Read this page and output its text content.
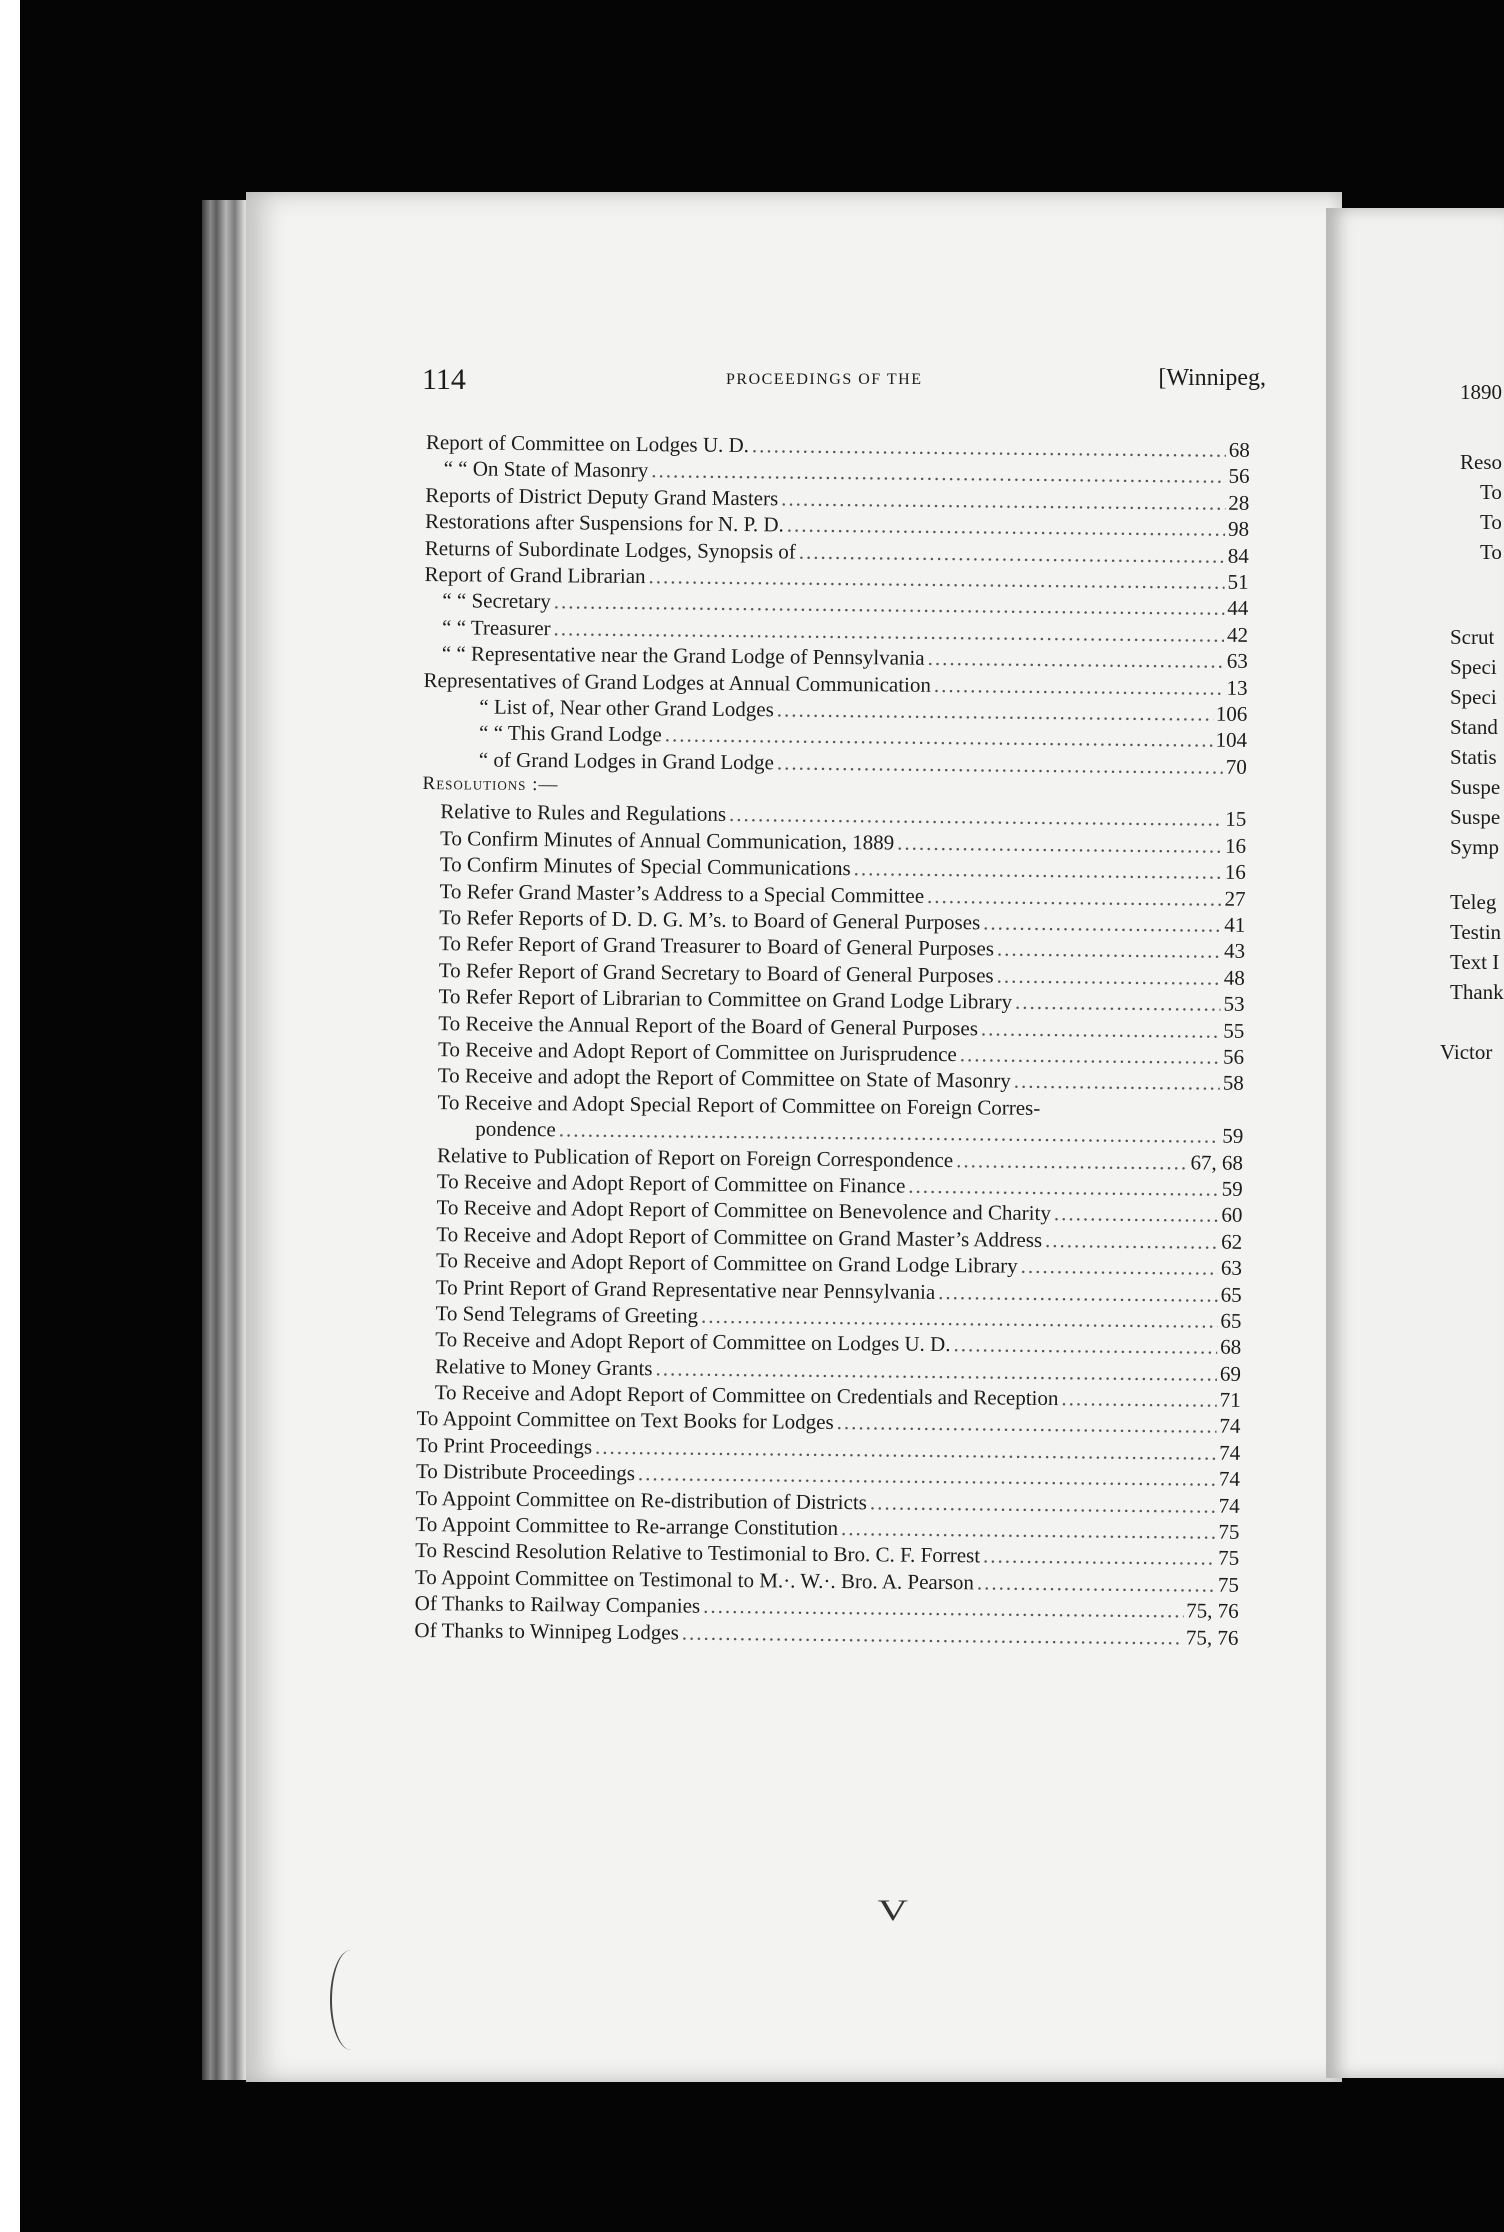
114	PROCEEDINGS OF THE	[Winnipeg,
Report of Committee on Lodges U. D. .....	68
“ “ On State of Masonry .....	56
Reports of District Deputy Grand Masters .....	28
Restorations after Suspensions for N. P. D. .....	98
Returns of Subordinate Lodges, Synopsis of .....	84
Report of Grand Librarian .....	51
“ “ Secretary .....	44
“ “ Treasurer .....	42
“ “ Representative near the Grand Lodge of Pennsylvania .....	63
Representatives of Grand Lodges at Annual Communication .....	13
“ List of, Near other Grand Lodges .....	106
“ “ This Grand Lodge .....	104
“ of Grand Lodges in Grand Lodge .....	70
Resolutions :—
Relative to Rules and Regulations .....	15
To Confirm Minutes of Annual Communication, 1889 .....	16
To Confirm Minutes of Special Communications .....	16
To Refer Grand Master’s Address to a Special Committee .....	27
To Refer Reports of D. D. G. M’s. to Board of General Purposes .....	41
To Refer Report of Grand Treasurer to Board of General Purposes .....	43
To Refer Report of Grand Secretary to Board of General Purposes .....	48
To Refer Report of Librarian to Committee on Grand Lodge Library .....	53
To Receive the Annual Report of the Board of General Purposes .....	55
To Receive and Adopt Report of Committee on Jurisprudence .....	56
To Receive and adopt the Report of Committee on State of Masonry .....	58
To Receive and Adopt Special Report of Committee on Foreign Corres-
pondence .....	59
Relative to Publication of Report on Foreign Correspondence .....	67, 68
To Receive and Adopt Report of Committee on Finance .....	59
To Receive and Adopt Report of Committee on Benevolence and Charity .....	60
To Receive and Adopt Report of Committee on Grand Master’s Address .....	62
To Receive and Adopt Report of Committee on Grand Lodge Library .....	63
To Print Report of Grand Representative near Pennsylvania .....	65
To Send Telegrams of Greeting .....	65
To Receive and Adopt Report of Committee on Lodges U. D. .....	68
Relative to Money Grants .....	69
To Receive and Adopt Report of Committee on Credentials and Reception .....	71
To Appoint Committee on Text Books for Lodges .....	74
To Print Proceedings .....	74
To Distribute Proceedings .....	74
To Appoint Committee on Re-distribution of Districts .....	74
To Appoint Committee to Re-arrange Constitution .....	75
To Rescind Resolution Relative to Testimonial to Bro. C. F. Forrest .....	75
To Appoint Committee on Testimonal to M.·. W.·. Bro. A. Pearson .....	75
Of Thanks to Railway Companies .....	75, 76
Of Thanks to Winnipeg Lodges .....	75, 76
1890
Reso
To
To
To
Scrut
Speci
Speci
Stand
Statis
Suspe
Suspe
Symp
Teleg
Testin
Text I
Thank
Victor
V
